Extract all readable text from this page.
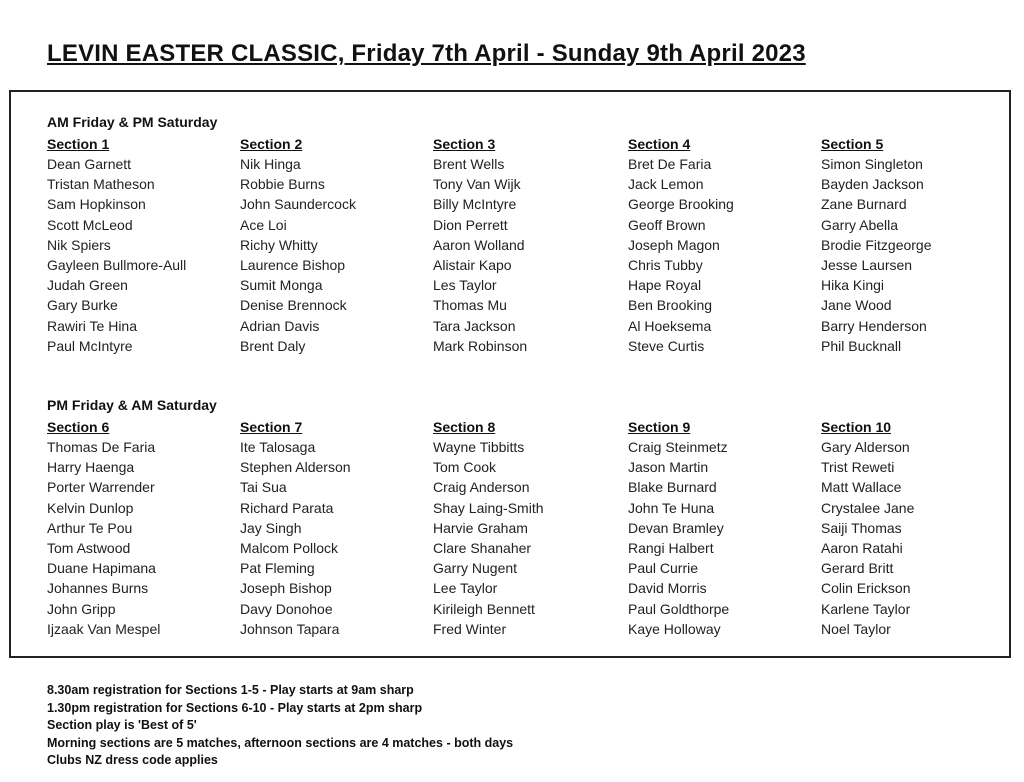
LEVIN EASTER CLASSIC, Friday 7th April - Sunday 9th April 2023
AM Friday & PM Saturday
Section 1
Dean Garnett
Tristan Matheson
Sam Hopkinson
Scott McLeod
Nik Spiers
Gayleen Bullmore-Aull
Judah Green
Gary Burke
Rawiri Te Hina
Paul McIntyre
Section 2
Nik Hinga
Robbie Burns
John Saundercock
Ace Loi
Richy Whitty
Laurence Bishop
Sumit Monga
Denise Brennock
Adrian Davis
Brent Daly
Section 3
Brent Wells
Tony Van Wijk
Billy McIntyre
Dion Perrett
Aaron Wolland
Alistair Kapo
Les Taylor
Thomas Mu
Tara Jackson
Mark Robinson
Section 4
Bret De Faria
Jack Lemon
George Brooking
Geoff Brown
Joseph Magon
Chris Tubby
Hape Royal
Ben Brooking
Al Hoeksema
Steve Curtis
Section 5
Simon Singleton
Bayden Jackson
Zane Burnard
Garry Abella
Brodie Fitzgeorge
Jesse Laursen
Hika Kingi
Jane Wood
Barry Henderson
Phil Bucknall
PM Friday & AM Saturday
Section 6
Thomas De Faria
Harry Haenga
Porter Warrender
Kelvin Dunlop
Arthur Te Pou
Tom Astwood
Duane Hapimana
Johannes Burns
John Gripp
Ijzaak Van Mespel
Section 7
Ite Talosaga
Stephen Alderson
Tai Sua
Richard Parata
Jay Singh
Malcom Pollock
Pat Fleming
Joseph Bishop
Davy Donohoe
Johnson Tapara
Section 8
Wayne Tibbitts
Tom Cook
Craig Anderson
Shay Laing-Smith
Harvie Graham
Clare Shanaher
Garry Nugent
Lee Taylor
Kirileigh Bennett
Fred Winter
Section 9
Craig Steinmetz
Jason Martin
Blake Burnard
John Te Huna
Devan Bramley
Rangi Halbert
Paul Currie
David Morris
Paul Goldthorpe
Kaye Holloway
Section 10
Gary Alderson
Trist Reweti
Matt Wallace
Crystalee Jane
Saiji Thomas
Aaron Ratahi
Gerard Britt
Colin Erickson
Karlene Taylor
Noel Taylor
8.30am registration for Sections 1-5 - Play starts at 9am sharp
1.30pm registration for Sections 6-10 - Play starts at 2pm sharp
Section play is 'Best of 5'
Morning sections are 5 matches, afternoon sections are 4 matches - both days
Clubs NZ dress code applies
